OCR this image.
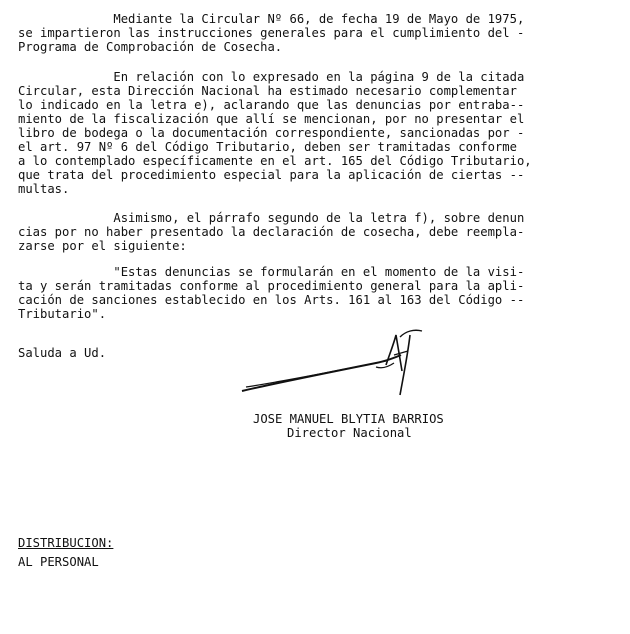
Mediante la Circular Nº 66, de fecha 19 de Mayo de 1975,
se impartieron las instrucciones generales para el cumplimiento del -
Programa de Comprobación de Cosecha.
En relación con lo expresado en la página 9 de la citada
Circular, esta Dirección Nacional ha estimado necesario complementar
lo indicado en la letra e), aclarando que las denuncias por entraba--
miento de la fiscalización que allí se mencionan, por no presentar el
libro de bodega o la documentación correspondiente, sancionadas por -
el art. 97 Nº 6 del Código Tributario, deben ser tramitadas conforme
a lo contemplado específicamente en el art. 165 del Código Tributario,
que trata del procedimiento especial para la aplicación de ciertas --
multas.
Asimismo, el párrafo segundo de la letra f), sobre denun
cias por no haber presentado la declaración de cosecha, debe reempla-
zarse por el siguiente:
"Estas denuncias se formularán en el momento de la visi-
ta y serán tramitadas conforme al procedimiento general para la apli-
cación de sanciones establecido en los Arts. 161 al 163 del Código --
Tributario".
Saluda a Ud.
JOSE MANUEL BLYTIA BARRIOS
Director Nacional
DISTRIBUCION:
AL PERSONAL
